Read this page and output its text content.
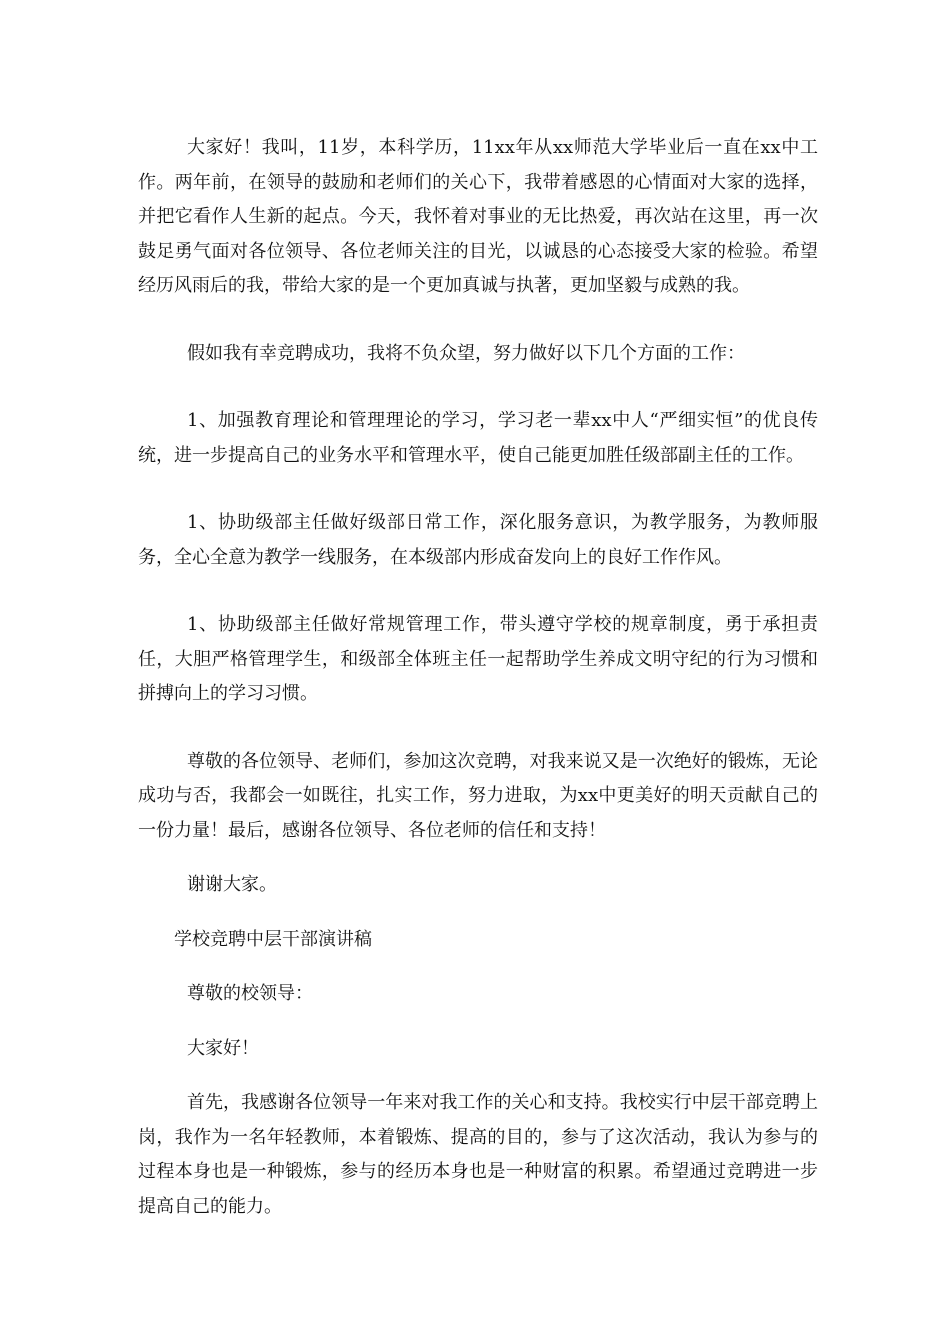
大家好！我叫，11岁，本科学历，11xx年从xx师范大学毕业后一直在xx中工作。两年前，在领导的鼓励和老师们的关心下，我带着感恩的心情面对大家的选择，并把它看作人生新的起点。今天，我怀着对事业的无比热爱，再次站在这里，再一次鼓足勇气面对各位领导、各位老师关注的目光，以诚恳的心态接受大家的检验。希望经历风雨后的我，带给大家的是一个更加真诚与执著，更加坚毅与成熟的我。

假如我有幸竞聘成功，我将不负众望，努力做好以下几个方面的工作：

1、加强教育理论和管理理论的学习，学习老一辈xx中人“严细实恒”的优良传统，进一步提高自己的业务水平和管理水平，使自己能更加胜任级部副主任的工作。

1、协助级部主任做好级部日常工作，深化服务意识，为教学服务，为教师服务，全心全意为教学一线服务，在本级部内形成奋发向上的良好工作作风。

1、协助级部主任做好常规管理工作，带头遵守学校的规章制度，勇于承担责任，大胆严格管理学生，和级部全体班主任一起帮助学生养成文明守纪的行为习惯和拼搏向上的学习习惯。

尊敬的各位领导、老师们，参加这次竞聘，对我来说又是一次绝好的锻炼，无论成功与否，我都会一如既往，扎实工作，努力进取，为xx中更美好的明天贡献自己的一份力量！最后，感谢各位领导、各位老师的信任和支持！

谢谢大家。

学校竞聘中层干部演讲稿

尊敬的校领导：

大家好！

首先，我感谢各位领导一年来对我工作的关心和支持。我校实行中层干部竞聘上岗，我作为一名年轻教师，本着锻炼、提高的目的，参与了这次活动，我认为参与的过程本身也是一种锻炼，参与的经历本身也是一种财富的积累。希望通过竞聘进一步提高自己的能力。
